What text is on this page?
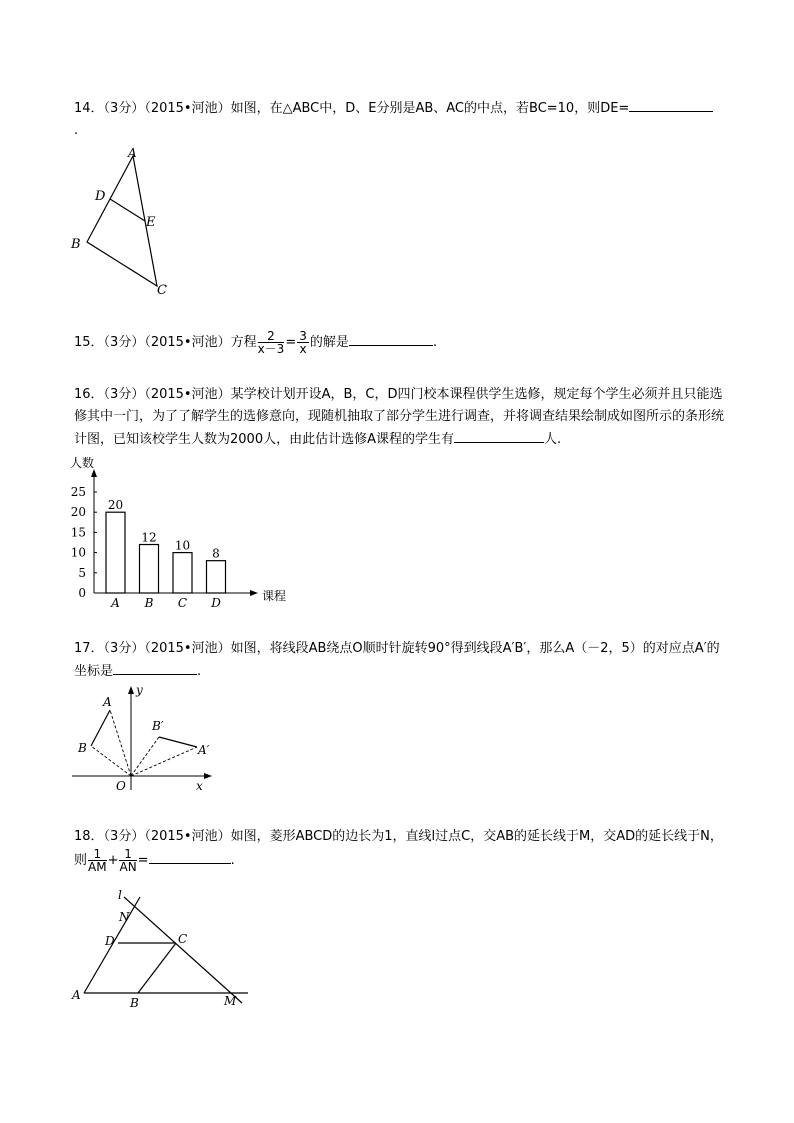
14．（3分）（2015•河池）如图，在△ABC中，D、E分别是AB、AC的中点，若BC=10，则DE=
.
A
D
E
B
C
15．（3分）（2015•河池）方程 $\frac{2}{x-3} = \frac{3}{x}$ 的解是	.
16．（3分）（2015•河池）某学校计划开设A，B，C，D四门校本课程供学生选修，规定每个学生必须并且只能选修其中一门，为了了解学生的选修意向，现随机抽取了部分学生进行调查，并将调查结果绘制成如图所示的条形统计图，已知该校学生人数为2000人，由此估计选修A课程的学生有	人.
人数
课程
20
A
12
B
10
C
8
D
0
5
10
15
20
25
17．（3分）（2015•河池）如图，将线段AB绕点O顺时针旋转90°得到线段A′B′，那么A（－2，5）的对应点A′的坐标是	.
A
B
B′
A′
O	x
y
18．（3分）（2015•河池）如图，菱形ABCD的边长为1，直线l过点C，交AB的延长线于M，交AD的延长线于N，则 $\frac{1}{AM} + \frac{1}{AN}$ =	.
l
N
D	C
A
B	M
